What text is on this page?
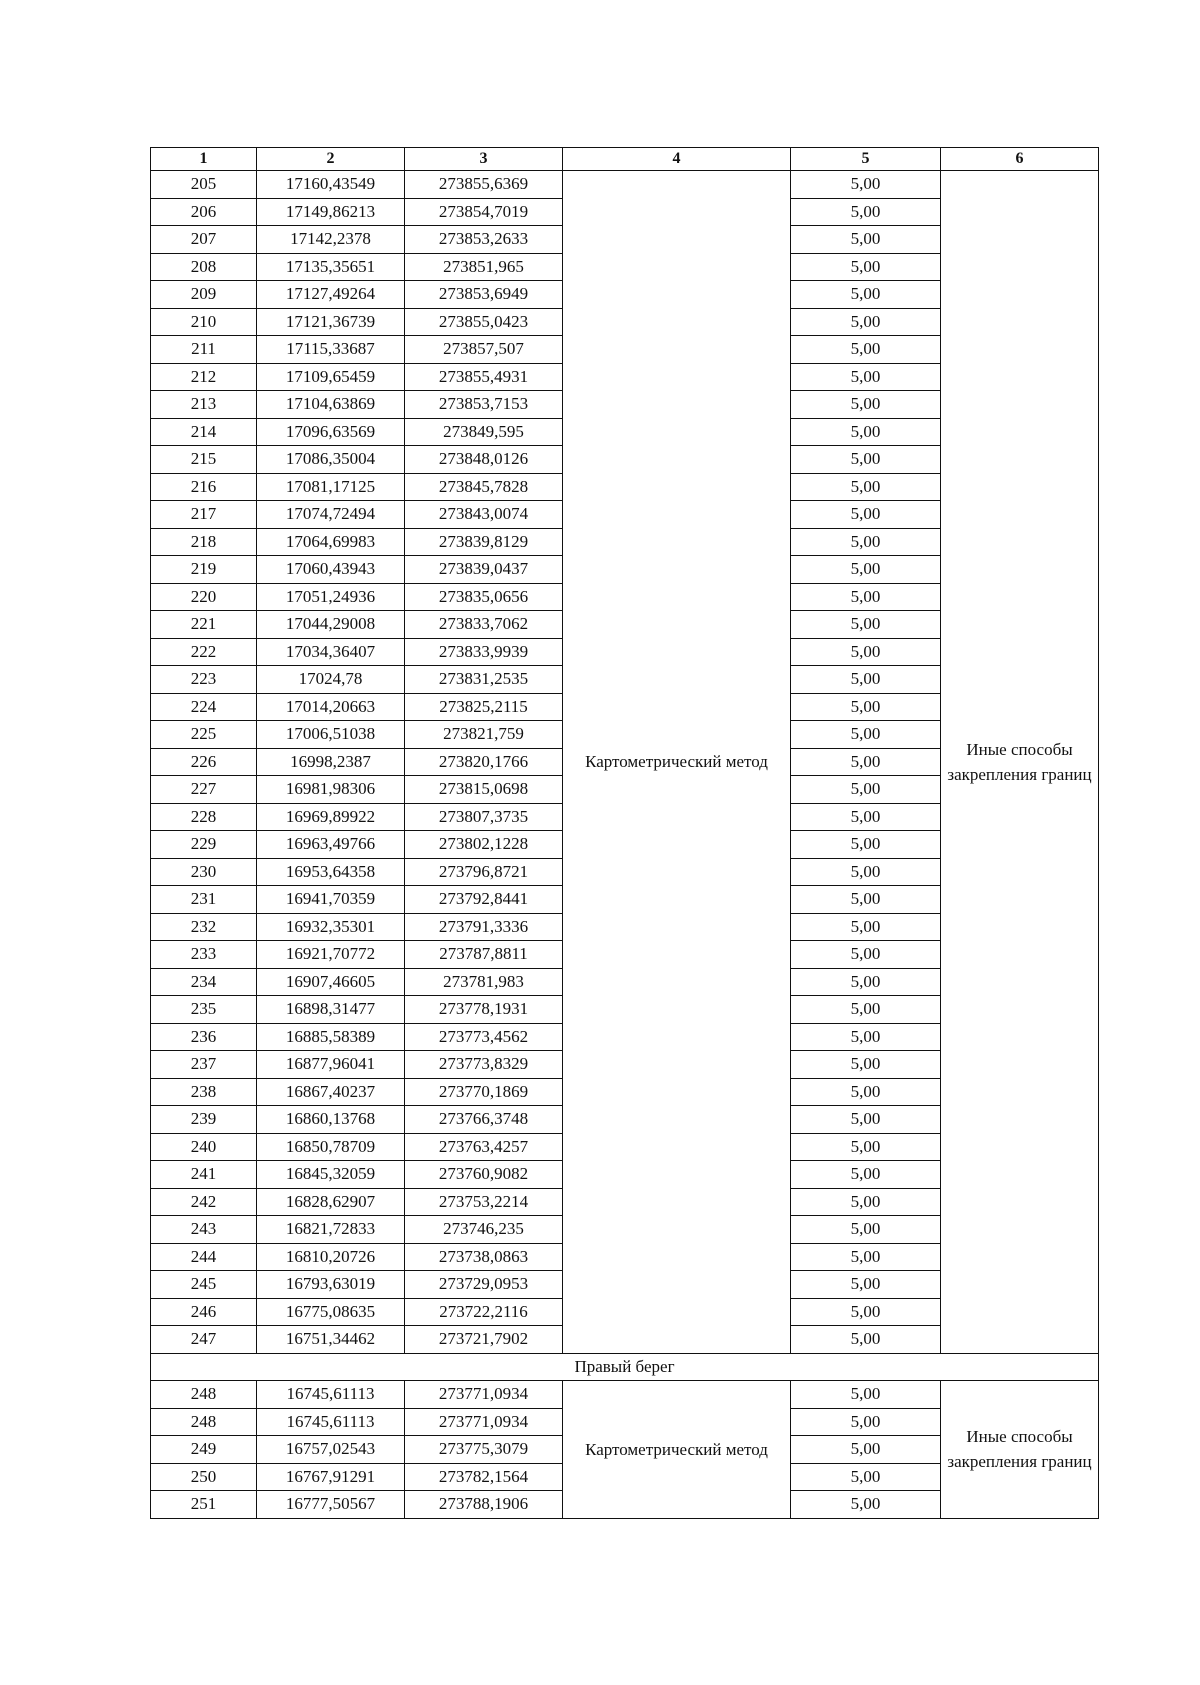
1	2	3	4	5	6
205	17160,43549	273855,6369	Картометрический метод	5,00	Иные способы закрепления границ
206	17149,86213	273854,7019		5,00	
207	17142,2378	273853,2633		5,00	
208	17135,35651	273851,965		5,00	
209	17127,49264	273853,6949		5,00	
210	17121,36739	273855,0423		5,00	
211	17115,33687	273857,507		5,00	
212	17109,65459	273855,4931		5,00	
213	17104,63869	273853,7153		5,00	
214	17096,63569	273849,595		5,00	
215	17086,35004	273848,0126		5,00	
216	17081,17125	273845,7828		5,00	
217	17074,72494	273843,0074		5,00	
218	17064,69983	273839,8129		5,00	
219	17060,43943	273839,0437		5,00	
220	17051,24936	273835,0656		5,00	
221	17044,29008	273833,7062		5,00	
222	17034,36407	273833,9939		5,00	
223	17024,78	273831,2535		5,00	
224	17014,20663	273825,2115		5,00	
225	17006,51038	273821,759		5,00	
226	16998,2387	273820,1766		5,00	
227	16981,98306	273815,0698		5,00	
228	16969,89922	273807,3735		5,00	
229	16963,49766	273802,1228		5,00	
230	16953,64358	273796,8721		5,00	
231	16941,70359	273792,8441		5,00	
232	16932,35301	273791,3336		5,00	
233	16921,70772	273787,8811		5,00	
234	16907,46605	273781,983		5,00	
235	16898,31477	273778,1931		5,00	
236	16885,58389	273773,4562		5,00	
237	16877,96041	273773,8329		5,00	
238	16867,40237	273770,1869		5,00	
239	16860,13768	273766,3748		5,00	
240	16850,78709	273763,4257		5,00	
241	16845,32059	273760,9082		5,00	
242	16828,62907	273753,2214		5,00	
243	16821,72833	273746,235		5,00	
244	16810,20726	273738,0863		5,00	
245	16793,63019	273729,0953		5,00	
246	16775,08635	273722,2116		5,00	
247	16751,34462	273721,7902		5,00	
Правый берег					
248	16745,61113	273771,0934	Картометрический метод	5,00	Иные способы закрепления границ
248	16745,61113	273771,0934		5,00	
249	16757,02543	273775,3079		5,00	
250	16767,91291	273782,1564		5,00	
251	16777,50567	273788,1906		5,00	
